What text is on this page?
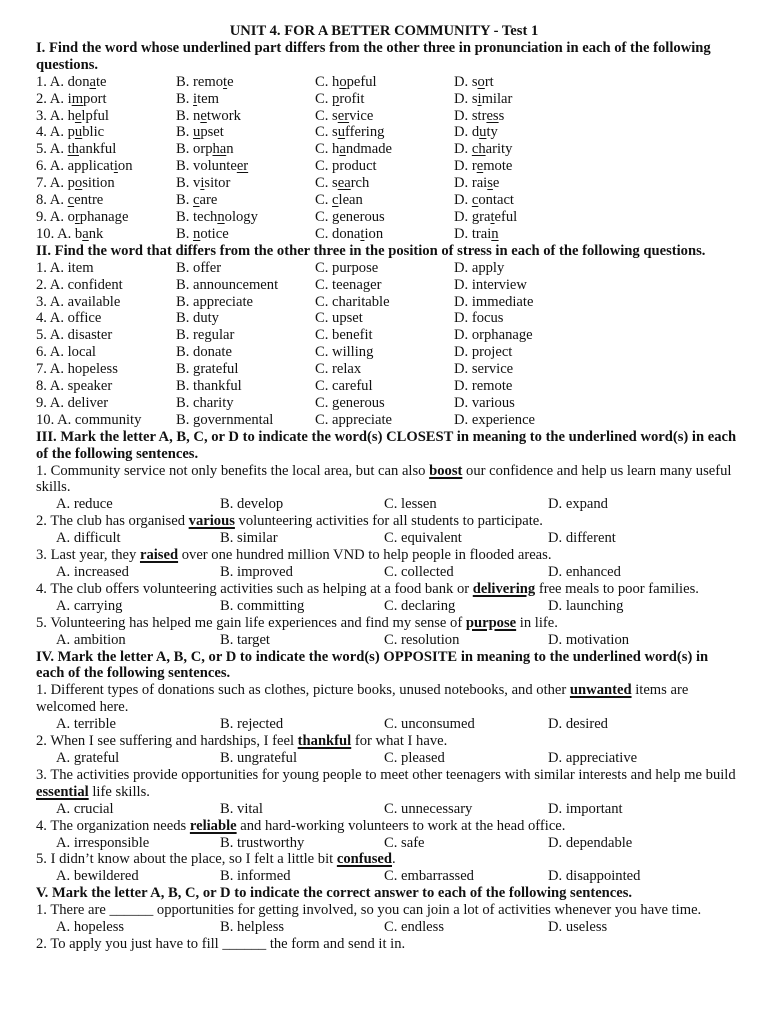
UNIT 4. FOR A BETTER COMMUNITY - Test 1
I. Find the word whose underlined part differs from the other three in pronunciation in each of the following questions.
1. A. donate	B. remote	C. hopeful	D. sort
2. A. import	B. item	C. profit	D. similar
3. A. helpful	B. network	C. service	D. stress
4. A. public	B. upset	C. suffering	D. duty
5. A. thankful	B. orphan	C. handmade	D. charity
6. A. application	B. volunteer	C. product	D. remote
7. A. position	B. visitor	C. search	D. raise
8. A. centre	B. care	C. clean	D. contact
9. A. orphanage	B. technology	C. generous	D. grateful
10. A. bank	B. notice	C. donation	D. train
II. Find the word that differs from the other three in the position of stress in each of the following questions.
1. A. item	B. offer	C. purpose	D. apply
2. A. confident	B. announcement	C. teenager	D. interview
3. A. available	B. appreciate	C. charitable	D. immediate
4. A. office	B. duty	C. upset	D. focus
5. A. disaster	B. regular	C. benefit	D. orphanage
6. A. local	B. donate	C. willing	D. project
7. A. hopeless	B. grateful	C. relax	D. service
8. A. speaker	B. thankful	C. careful	D. remote
9. A. deliver	B. charity	C. generous	D. various
10. A. community	B. governmental	C. appreciate	D. experience
III. Mark the letter A, B, C, or D to indicate the word(s) CLOSEST in meaning to the underlined word(s) in each of the following sentences.
1. Community service not only benefits the local area, but can also boost our confidence and help us learn many useful skills.
A. reduce	B. develop	C. lessen	D. expand
2. The club has organised various volunteering activities for all students to participate.
A. difficult	B. similar	C. equivalent	D. different
3. Last year, they raised over one hundred million VND to help people in flooded areas.
A. increased	B. improved	C. collected	D. enhanced
4. The club offers volunteering activities such as helping at a food bank or delivering free meals to poor families.
A. carrying	B. committing	C. declaring	D. launching
5. Volunteering has helped me gain life experiences and find my sense of purpose in life.
A. ambition	B. target	C. resolution	D. motivation
IV. Mark the letter A, B, C, or D to indicate the word(s) OPPOSITE in meaning to the underlined word(s) in each of the following sentences.
1. Different types of donations such as clothes, picture books, unused notebooks, and other unwanted items are welcomed here.
A. terrible	B. rejected	C. unconsumed	D. desired
2. When I see suffering and hardships, I feel thankful for what I have.
A. grateful	B. ungrateful	C. pleased	D. appreciative
3. The activities provide opportunities for young people to meet other teenagers with similar interests and help me build essential life skills.
A. crucial	B. vital	C. unnecessary	D. important
4. The organization needs reliable and hard-working volunteers to work at the head office.
A. irresponsible	B. trustworthy	C. safe	D. dependable
5. I didn’t know about the place, so I felt a little bit confused.
A. bewildered	B. informed	C. embarrassed	D. disappointed
V. Mark the letter A, B, C, or D to indicate the correct answer to each of the following sentences.
1. There are ______ opportunities for getting involved, so you can join a lot of activities whenever you have time.
A. hopeless	B. helpless	C. endless	D. useless
2. To apply you just have to fill ______ the form and send it in.
